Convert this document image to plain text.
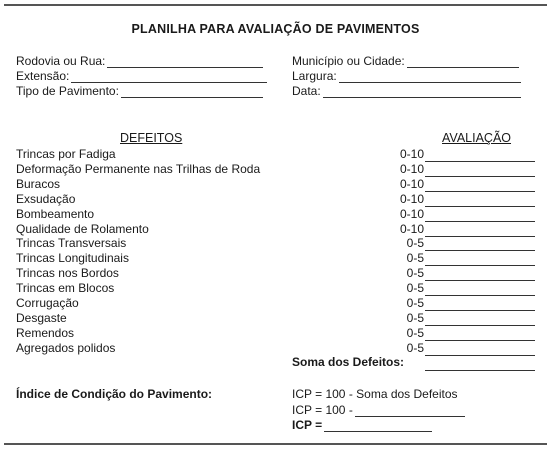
PLANILHA PARA AVALIAÇÃO DE PAVIMENTOS
Rodovia ou Rua:
Extensão:
Tipo de Pavimento:
Município ou Cidade:
Largura:
Data:
DEFEITOS	AVALIAÇÃO
Trincas por Fadiga	0-10
Deformação Permanente nas Trilhas de Roda	0-10
Buracos	0-10
Exsudação	0-10
Bombeamento	0-10
Qualidade de Rolamento	0-10
Trincas Transversais	0-5
Trincas Longitudinais	0-5
Trincas nos Bordos	0-5
Trincas em Blocos	0-5
Corrugação	0-5
Desgaste	0-5
Remendos	0-5
Agregados polidos	0-5
Soma dos Defeitos:
Índice de Condição do Pavimento:	ICP = 100 - Soma dos Defeitos
ICP = 100 -
ICP =
